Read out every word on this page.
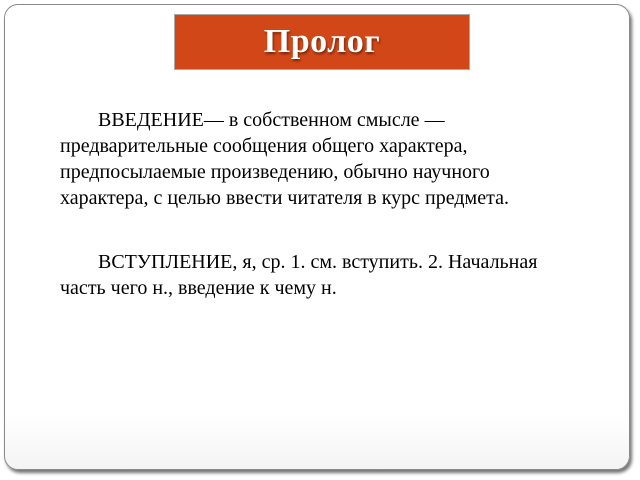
Пролог

ВВЕДЕНИЕ— в собственном смысле — предварительные сообщения общего характера, предпосылаемые произведению, обычно научного характера, с целью ввести читателя в курс предмета.

ВСТУПЛЕНИЕ, я, ср. 1. см. вступить. 2. Начальная часть чего н., введение к чему н.
